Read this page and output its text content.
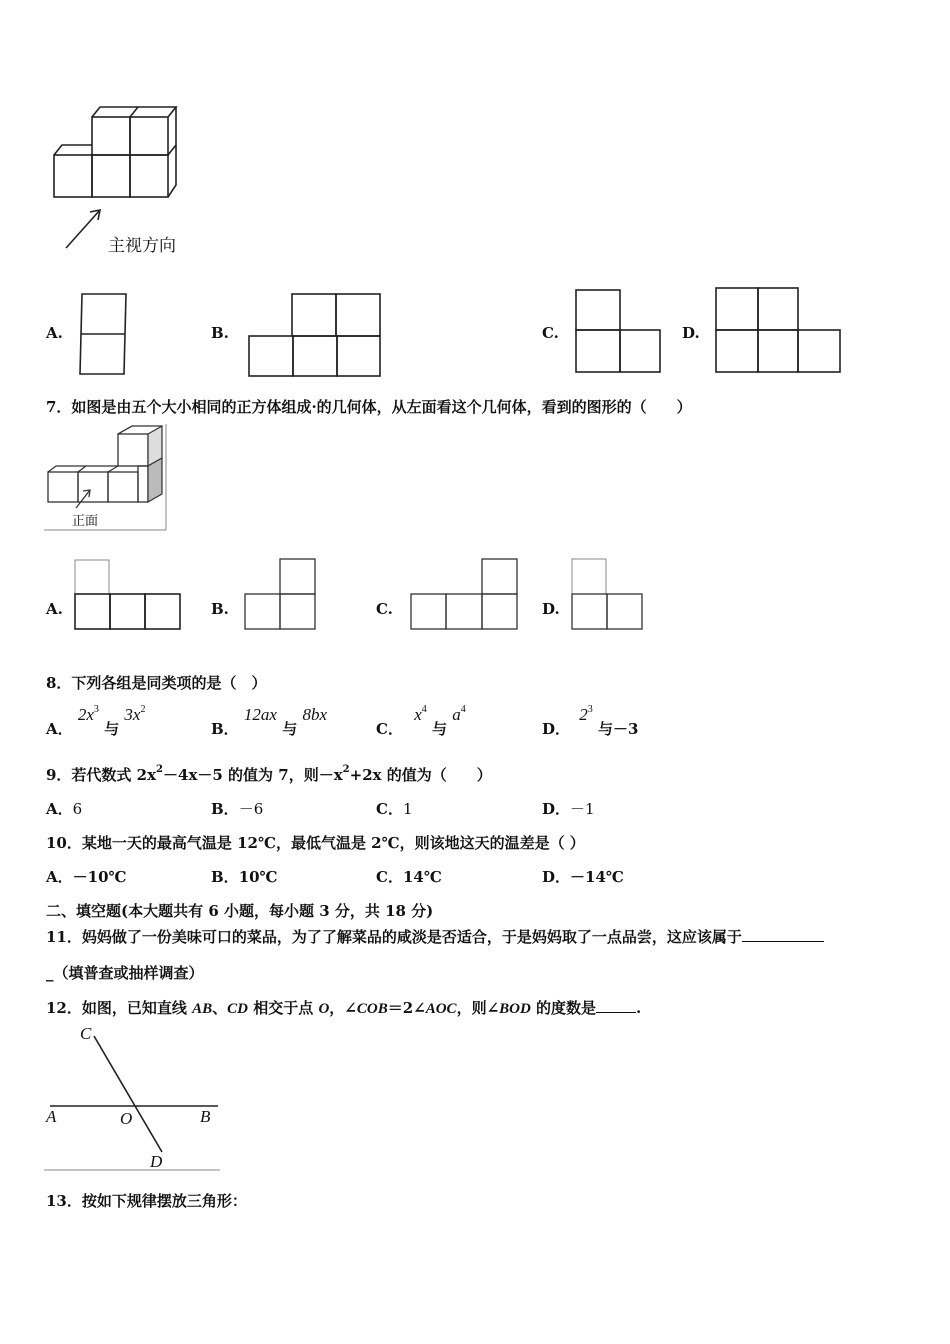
主视方向
A.	B.	C.	D.
7．如图是由五个大小相同的正方体组成·的几何体，从左面看这个几何体，看到的图形的（　　）
正面
A.	B.	C.	D.
8．下列各组是同类项的是（　）
A． $2x^3$ 与 $3x^2$
B． 12ax 与 8bx
C． $x^4$ 与 $a^4$
D． $2^3$ 与－3
9．若代数式 $2x^2-4x-5$ 的值为 7，则$-x^2+2x$ 的值为（　　）
A．6	B．－6	C．1	D．－1
10．某地一天的最高气温是 12℃，最低气温是 2℃，则该地这天的温差是（ ）
A．－10℃	B．10℃	C．14℃	D．－14℃
二、填空题(本大题共有 6 小题，每小题 3 分，共 18 分)
11．妈妈做了一份美味可口的菜品，为了了解菜品的咸淡是否适合，于是妈妈取了一点品尝，这应该属于
_（填普查或抽样调查）
12．如图，已知直线 AB、CD 相交于点 O，∠COB＝2∠AOC，则∠BOD 的度数是	.
C
A	O	B
D
13．按如下规律摆放三角形：
